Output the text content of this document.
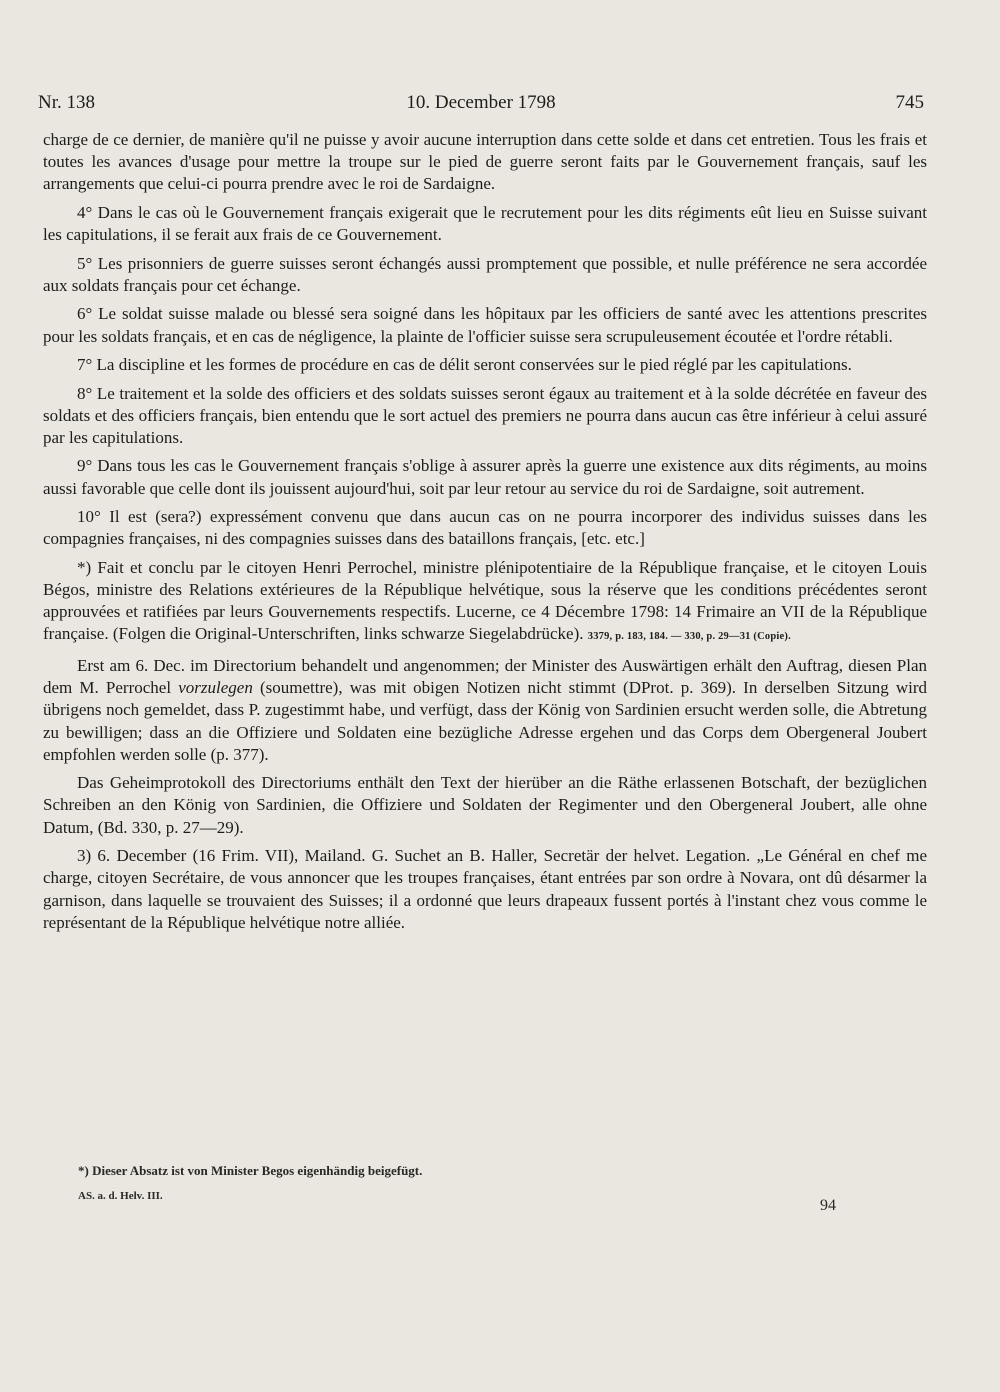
Nr. 138	10. December 1798	745

charge de ce dernier, de manière qu'il ne puisse y avoir aucune interruption dans cette solde et dans cet entretien. Tous les frais et toutes les avances d'usage pour mettre la troupe sur le pied de guerre seront faits par le Gouvernement français, sauf les arrangements que celui-ci pourra prendre avec le roi de Sardaigne.

4° Dans le cas où le Gouvernement français exigerait que le recrutement pour les dits régiments eût lieu en Suisse suivant les capitulations, il se ferait aux frais de ce Gouvernement.

5° Les prisonniers de guerre suisses seront échangés aussi promptement que possible, et nulle préférence ne sera accordée aux soldats français pour cet échange.

6° Le soldat suisse malade ou blessé sera soigné dans les hôpitaux par les officiers de santé avec les attentions prescrites pour les soldats français, et en cas de négligence, la plainte de l'officier suisse sera scrupuleusement écoutée et l'ordre rétabli.

7° La discipline et les formes de procédure en cas de délit seront conservées sur le pied réglé par les capitulations.

8° Le traitement et la solde des officiers et des soldats suisses seront égaux au traitement et à la solde décrétée en faveur des soldats et des officiers français, bien entendu que le sort actuel des premiers ne pourra dans aucun cas être inférieur à celui assuré par les capitulations.

9° Dans tous les cas le Gouvernement français s'oblige à assurer après la guerre une existence aux dits régiments, au moins aussi favorable que celle dont ils jouissent aujourd'hui, soit par leur retour au service du roi de Sardaigne, soit autrement.

10° Il est (sera?) expressément convenu que dans aucun cas on ne pourra incorporer des individus suisses dans les compagnies françaises, ni des compagnies suisses dans des bataillons français, [etc. etc.]

*) Fait et conclu par le citoyen Henri Perrochel, ministre plénipotentiaire de la République française, et le citoyen Louis Bégos, ministre des Relations extérieures de la République helvétique, sous la réserve que les conditions précédentes seront approuvées et ratifiées par leurs Gouvernements respectifs. Lucerne, ce 4 Décembre 1798: 14 Frimaire an VII de la République française. (Folgen die Original-Unterschriften, links schwarze Siegelabdrücke). 3379, p. 183, 184. — 330, p. 29—31 (Copie).

Erst am 6. Dec. im Directorium behandelt und angenommen; der Minister des Auswärtigen erhält den Auftrag, diesen Plan dem M. Perrochel vorzulegen (soumettre), was mit obigen Notizen nicht stimmt (DProt. p. 369). In derselben Sitzung wird übrigens noch gemeldet, dass P. zugestimmt habe, und verfügt, dass der König von Sardinien ersucht werden solle, die Abtretung zu bewilligen; dass an die Offiziere und Soldaten eine bezügliche Adresse ergehen und das Corps dem Obergeneral Joubert empfohlen werden solle (p. 377).

Das Geheimprotokoll des Directoriums enthält den Text der hierüber an die Räthe erlassenen Botschaft, der bezüglichen Schreiben an den König von Sardinien, die Offiziere und Soldaten der Regimenter und den Obergeneral Joubert, alle ohne Datum, (Bd. 330, p. 27—29).

3) 6. December (16 Frim. VII), Mailand. G. Suchet an B. Haller, Secretär der helvet. Legation. „Le Général en chef me charge, citoyen Secrétaire, de vous annoncer que les troupes françaises, étant entrées par son ordre à Novara, ont dû désarmer la garnison, dans laquelle se trouvaient des Suisses; il a ordonné que leurs drapeaux fussent portés à l'instant chez vous comme le représentant de la République helvétique notre alliée.

*) Dieser Absatz ist von Minister Begos eigenhändig beigefügt.
AS. a. d. Helv. III.
94
